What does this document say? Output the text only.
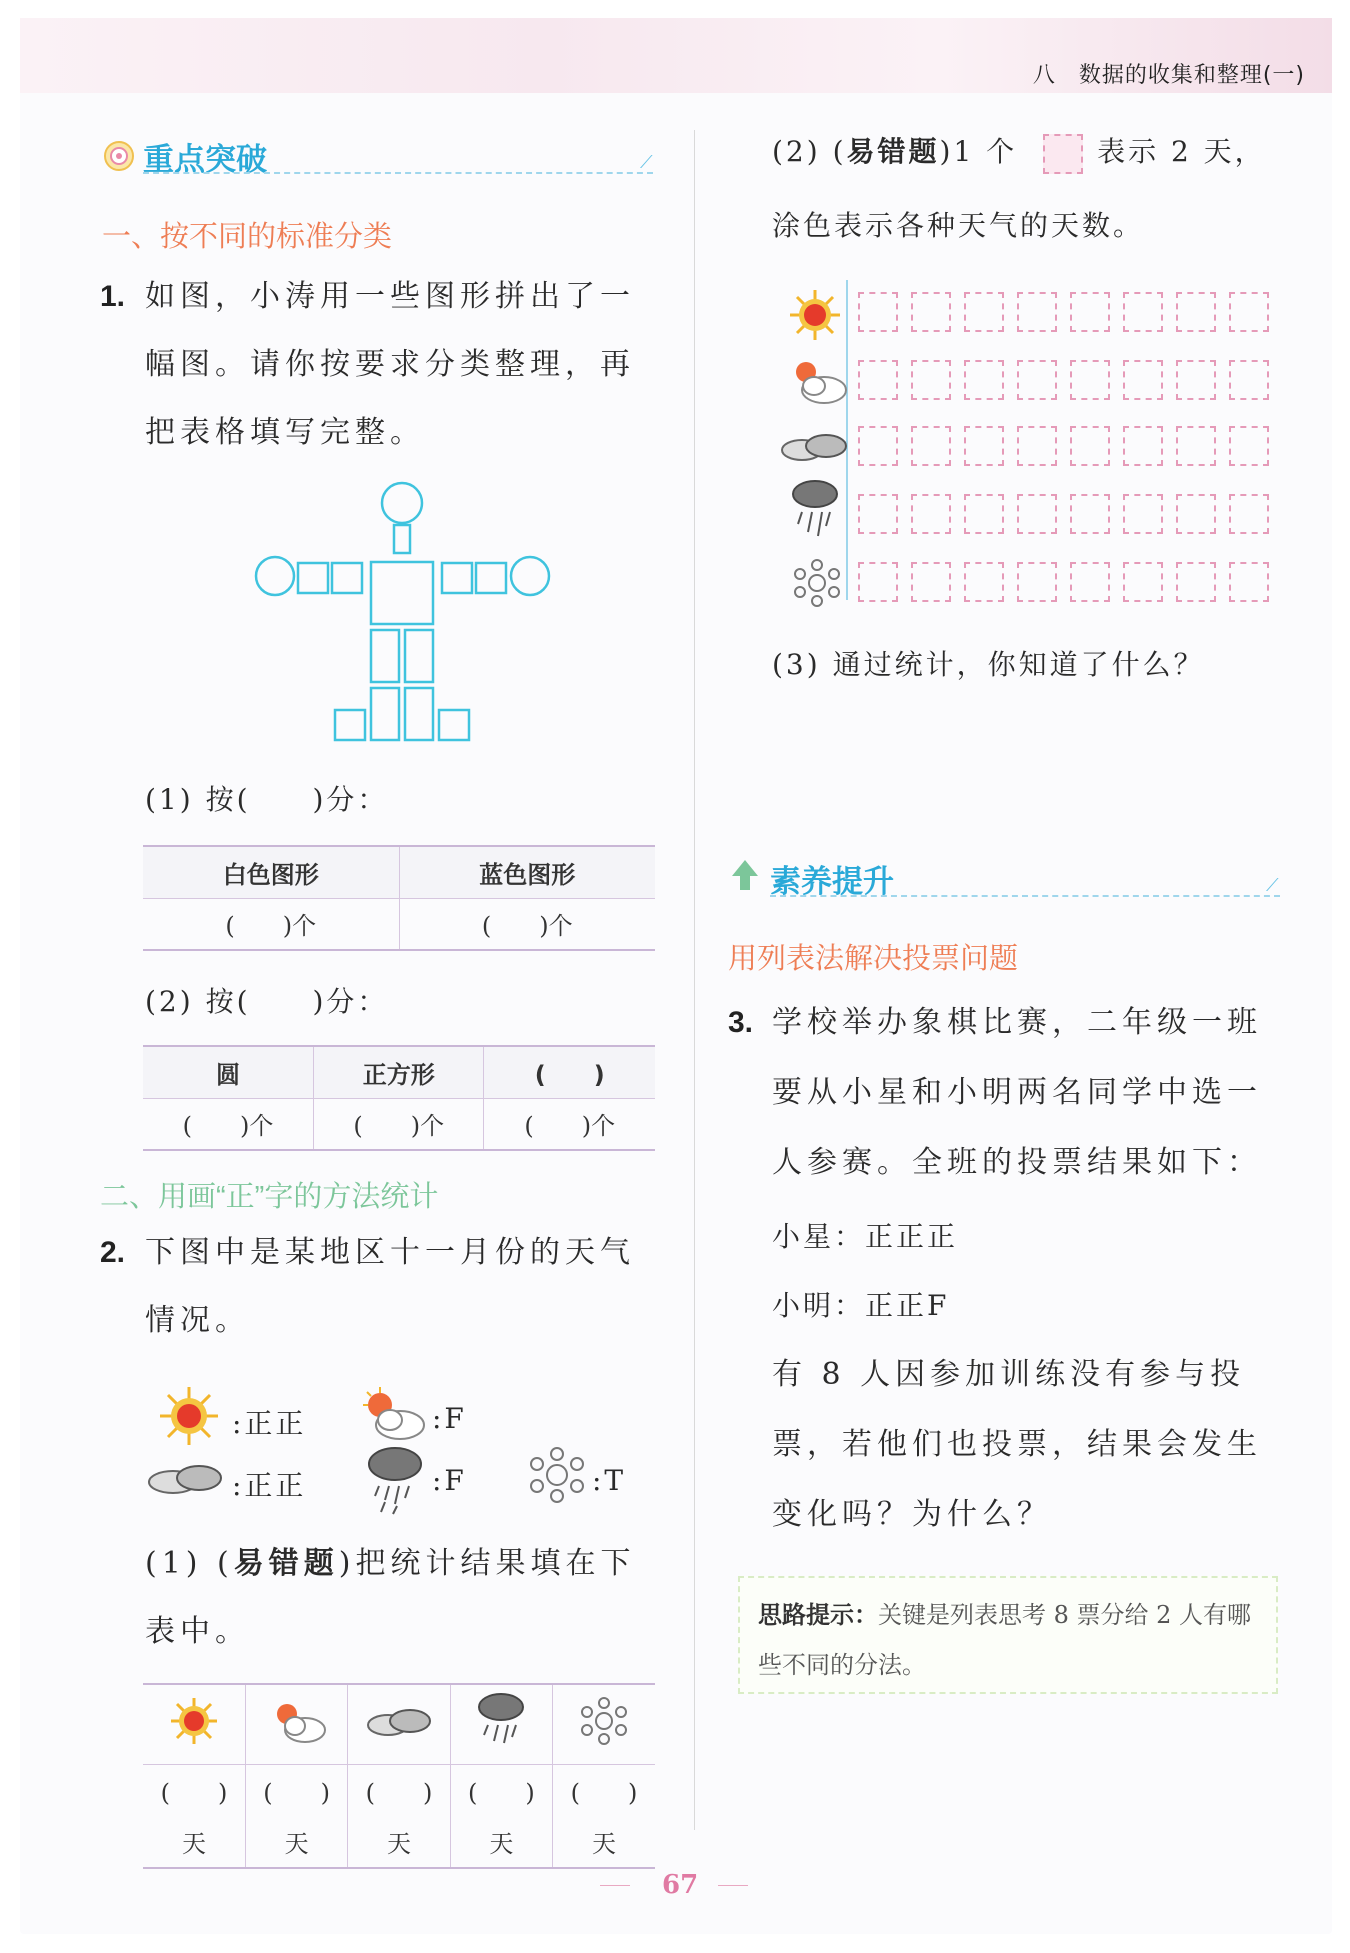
八　数据的收集和整理(一)
重点突破	⟋
一、按不同的标准分类
1. 如图，小涛用一些图形拼出了一幅图。请你按要求分类整理，再把表格填写完整。
(1) 按(　　)分：
白色图形	蓝色图形
(　　)个	(　　)个
(2) 按(　　)分：
圆	正方形	(　　)
(　　)个	(　　)个	(　　)个
二、用画“正”字的方法统计
2. 下图中是某地区十一月份的天气情况。
:正正	:F
:正正	:F	:T
(1) (易错题)把统计结果填在下表中。

(　　)	(　　)	(　　)	(　　)	(　　)
天	天	天	天	天
(2) (易错题)1 个	表示 2 天，
涂色表示各种天气的天数。
(3) 通过统计，你知道了什么？
素养提升	⟋
用列表法解决投票问题
3. 学校举办象棋比赛，二年级一班要从小星和小明两名同学中选一人参赛。全班的投票结果如下：
小星：正正正
小明：正正F
有 8 人因参加训练没有参与投票，若他们也投票，结果会发生变化吗？为什么？
思路提示：关键是列表思考 8 票分给 2 人有哪些不同的分法。
67
